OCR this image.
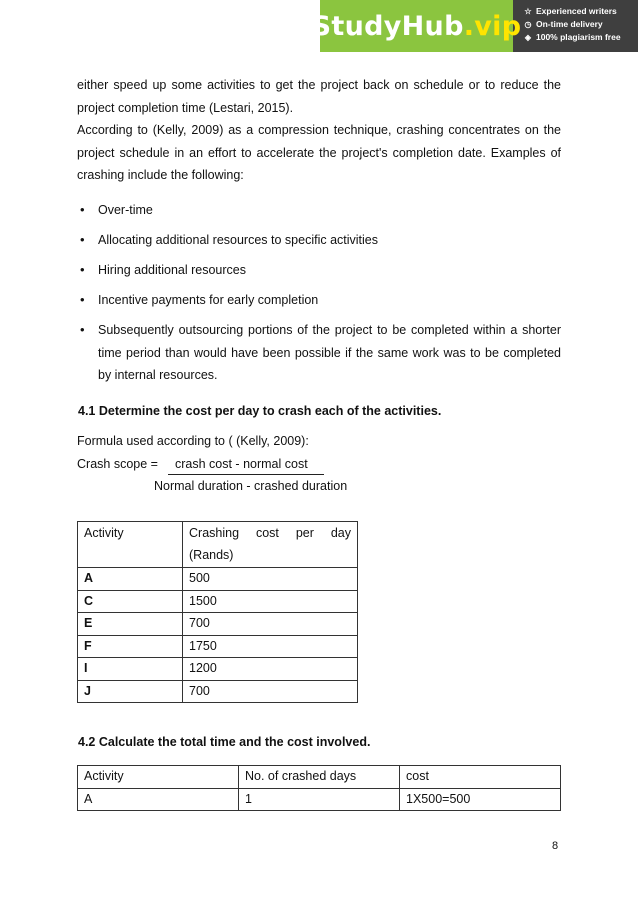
StudyHub .vip ☆ Experienced writers
◷ On-time delivery
◈ 100% plagiarism free
either speed up some activities to get the project back on schedule or to reduce the
project completion time (Lestari, 2015).
According to (Kelly, 2009) as a compression technique, crashing concentrates on the
project schedule in an effort to accelerate the project's completion date. Examples of
crashing include the following:
• Over-time
• Allocating additional resources to specific activities
• Hiring additional resources
• Incentive payments for early completion
• Subsequently outsourcing portions of the project to be completed within a shorter
time period than would have been possible if the same work was to be completed
by internal resources.
4.1 Determine the cost per day to crash each of the activities.
Formula used according to ( (Kelly, 2009):
Crash scope = crash cost - normal cost
Normal duration - crashed duration
Activity	Crashing cost per day
(Rands)

A	500
C	1500
E	700
F	1750
I	1200
J	700
4.2 Calculate the total time and the cost involved.
Activity	No. of crashed days	cost
A	1	1X500=500
8
